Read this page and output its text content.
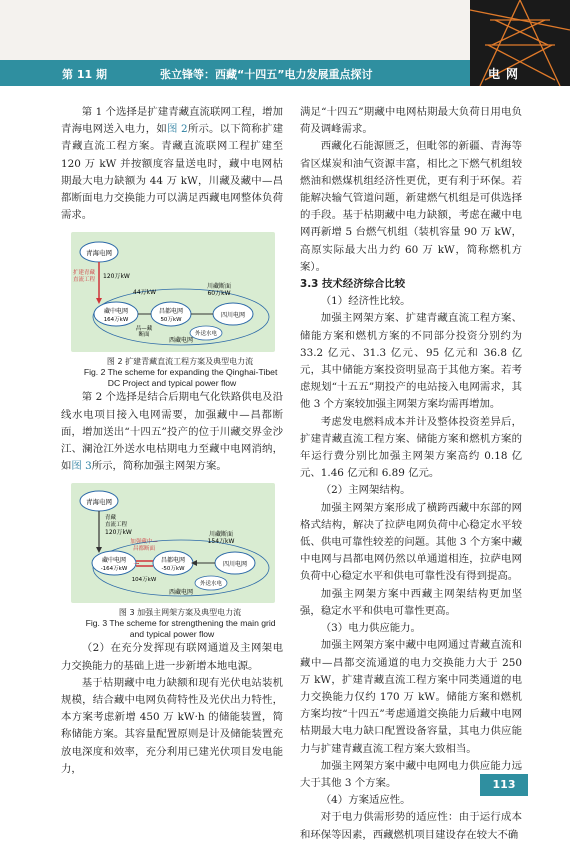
第 11 期	张立锋等：西藏“十四五”电力发展重点探讨	电网

第 1 个选择是扩建青藏直流联网工程，增加青海电网送入电力，如图 2所示。以下简称扩建青藏直流工程方案。青藏直流联网工程扩建至 120 万 kW 并按额度容量送电时，藏中电网枯期最大电力缺额为 44 万 kW，川藏及藏中—昌都断面电力交换能力可以满足西藏电网整体负荷需求。

青海电网
扩建青藏
直流工程 120万kW
西藏电网
藏中电网
164万kW
44万kW
昌都电网
50万kW
昌—藏
断面
四川电网
川藏断面
60万kW
外送水电

图 2 扩建青藏直流工程方案及典型电力流

Fig. 2 The scheme for expanding the Qinghai-Tibet DC Project and typical power flow

第 2 个选择是结合后期电气化铁路供电及沿线水电项目接入电网需要，加强藏中—昌都断面，增加送出“十四五”投产的位于川藏交界金沙江、澜沧江外送水电枯期电力至藏中电网消纳，如图 3所示，简称加强主网架方案。

青海电网
青藏
直流工程
120万kW
加强藏中—
昌都断面
西藏电网
藏中电网
-164万kW
昌都电网
-50万kW
104万kW
四川电网
川藏断面
154万kW
外送水电

图 3 加强主网架方案及典型电力流

Fig. 3 The scheme for strengthening the main grid and typical power flow

（2）在充分发挥现有联网通道及主网架电力交换能力的基础上进一步新增本地电源。

基于枯期藏中电力缺额和现有光伏电站装机规模，结合藏中电网负荷特性及光伏出力特性，本方案考虑新增 450 万 kW·h 的储能装置，简称储能方案。其容量配置原则是计及储能装置充放电深度和效率，充分利用已建光伏项目发电能力，

满足“十四五”期藏中电网枯期最大负荷日用电负荷及调峰需求。

西藏化石能源匮乏，但毗邻的新疆、青海等省区煤炭和油气资源丰富，相比之下燃气机组较燃油和燃煤机组经济性更优，更有利于环保。若能解决输气管道问题，新建燃气机组是可供选择的手段。基于枯期藏中电力缺额，考虑在藏中电网再新增 5 台燃气机组（装机容量 90 万 kW，高原实际最大出力约 60 万 kW，简称燃机方案）。

3.3 技术经济综合比较

（1）经济性比较。

加强主网架方案、扩建青藏直流工程方案、储能方案和燃机方案的不同部分投资分别约为 33.2 亿元、31.3 亿元、95 亿元和 36.8 亿元，其中储能方案投资明显高于其他方案。若考虑规划“十五五”期投产的电站接入电网需求，其他 3 个方案较加强主网架方案均需再增加。

考虑发电燃料成本并计及整体投资差异后，扩建青藏直流工程方案、储能方案和燃机方案的年运行费分别比加强主网架方案高约 0.18 亿元、1.46 亿元和 6.89 亿元。

（2）主网架结构。

加强主网架方案形成了横跨西藏中东部的网格式结构，解决了拉萨电网负荷中心稳定水平较低、供电可靠性较差的问题。其他 3 个方案中藏中电网与昌都电网仍然以单通道相连，拉萨电网负荷中心稳定水平和供电可靠性没有得到提高。

加强主网架方案中西藏主网架结构更加坚强，稳定水平和供电可靠性更高。

（3）电力供应能力。

加强主网架方案中藏中电网通过青藏直流和藏中—昌都交流通道的电力交换能力大于 250 万 kW，扩建青藏直流工程方案中同类通道的电力交换能力仅约 170 万 kW。储能方案和燃机方案均按“十四五”考虑通道交换能力后藏中电网枯期最大电力缺口配置设备容量，其电力供应能力与扩建青藏直流工程方案大致相当。

加强主网架方案中藏中电网电力供应能力远大于其他 3 个方案。

（4）方案适应性。

对于电力供需形势的适应性：由于运行成本和环保等因素，西藏燃机项目建设存在较大不确

113
